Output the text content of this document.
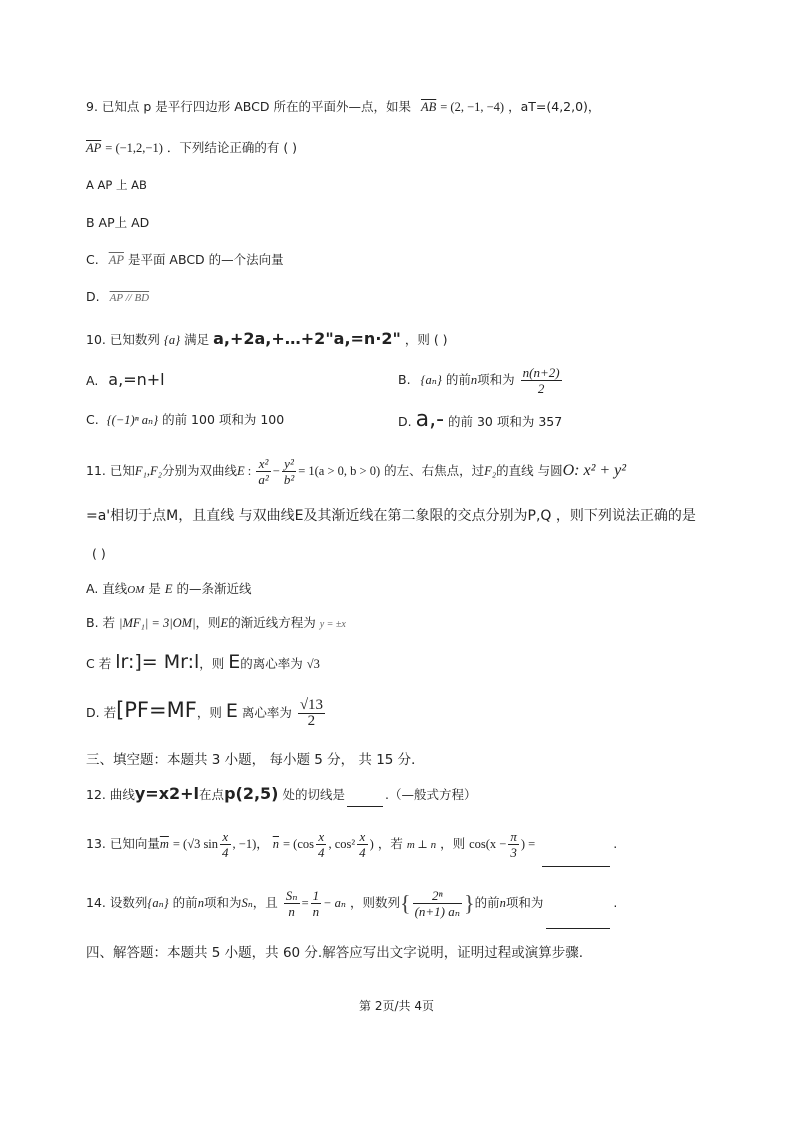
9. 已知点 p 是平行四边形 ABCD 所在的平面外—点，如果 $\overline{AB} = (2$, −1, −4) ，aT=(4,2,0)，
$\overline{AP} = (-1,2,-1)$ ．下列结论正确的有 ( )
A AP 上 AB
B AP上 AD
C. $\overline{AP}$ 是平面 ABCD 的—个法向量
D. AP // BD
10. 已知数列 {a} 满足 a,+2a,+…+2"a,=n·2" ，则 ( )
A. a,=n+l	B. {aₙ} 的前n项和为 $\frac{n(n+2)}{2}$
C. {(−1)ⁿ aₙ} 的前 100 项和为 100	D. a,- 的前 30 项和为 357
11. 已知F₁,F₂分别为双曲线E : $\frac{\text{x²}}{\text{a²}} - \frac{\text{y²}}{\text{b²}} = 1(a > 0$, b > 0) 的左、右焦点，过F₂的直线 与圆O: x² + y²
=a'相切于点M，且直线 与双曲线E及其渐近线在第二象限的交点分别为P,Q ，则下列说法正确的是
( )
A. 直线OM 是 E 的—条渐近线
B. 若 |MF₁| = 3|OM|，则E的渐近线方程为 y = ±x
C 若 lr:]= Mr:l，则 E的离心率为 √3
D. 若[PF=MF，则 E 离心率为 $\frac{√13}{2}$
三、填空题：本题共 3 小题， 每小题 5 分， 共 15 分．
12. 曲线y=x2+l在点p(2,5) 处的切线是	.（—般式方程）
13. 已知向量$\overline{m} = (√3$ $\sin \frac{x}{4}$ , −1)， $\overline{n} = (\cos \frac{x}{4}$ , $\cos^2 \frac{x}{4}$ ) ，若 m ⊥ n ，则 $\cos(x - \frac{\pi}{3}$ ) =	.
14. 设数列{aₙ} 的前n项和为Sₙ，且 $\frac{\text{Sₙ}}{n} = \frac{1}{n} - a_n$ ，则数列{ $\frac{\text{2ⁿ}}{\text{(n+1) aₙ}}$ }的前n项和为	.
四、解答题：本题共 5 小题，共 60 分.解答应写出文字说明，证明过程或演算步骤.
第 2页/共 4页
